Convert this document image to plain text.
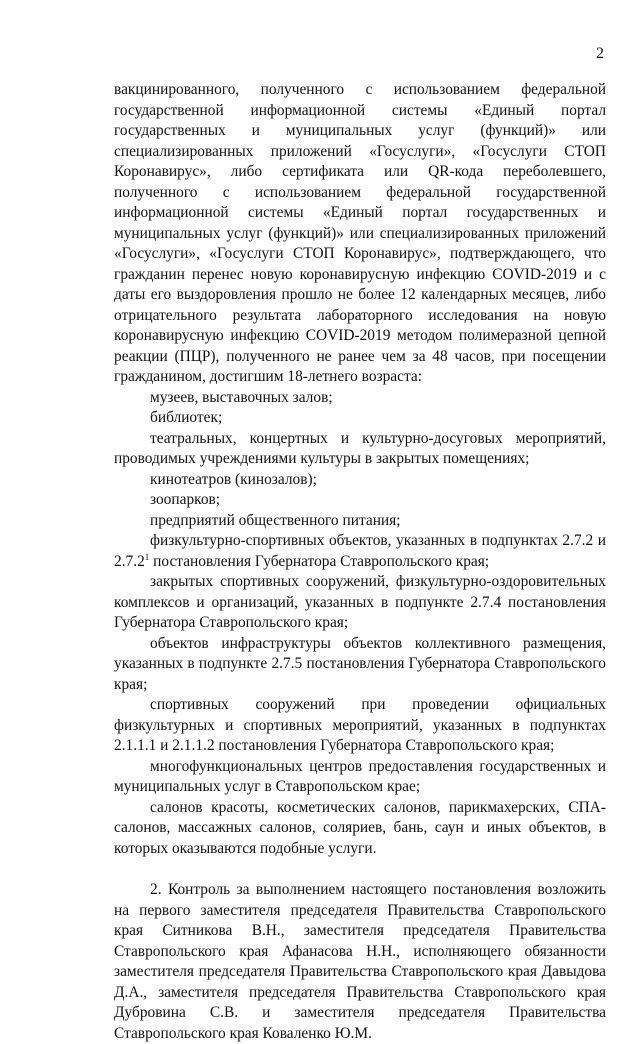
2

вакцинированного, полученного с использованием федеральной государственной информационной системы «Единый портал государственных и муниципальных услуг (функций)» или специализированных приложений «Госуслуги», «Госуслуги СТОП Коронавирус», либо сертификата или QR-кода переболевшего, полученного с использованием федеральной государственной информационной системы «Единый портал государственных и муниципальных услуг (функций)» или специализированных приложений «Госуслуги», «Госуслуги СТОП Коронавирус», подтверждающего, что гражданин перенес новую коронавирусную инфекцию COVID-2019 и с даты его выздоровления прошло не более 12 календарных месяцев, либо отрицательного результата лабораторного исследования на новую коронавирусную инфекцию COVID-2019 методом полимеразной цепной реакции (ПЦР), полученного не ранее чем за 48 часов, при посещении гражданином, достигшим 18-летнего возраста:

музеев, выставочных залов;

библиотек;

театральных, концертных и культурно-досуговых мероприятий, проводимых учреждениями культуры в закрытых помещениях;

кинотеатров (кинозалов);

зоопарков;

предприятий общественного питания;

физкультурно-спортивных объектов, указанных в подпунктах 2.7.2 и 2.7.2$^1$ постановления Губернатора Ставропольского края;

закрытых спортивных сооружений, физкультурно-оздоровительных комплексов и организаций, указанных в подпункте 2.7.4 постановления Губернатора Ставропольского края;

объектов инфраструктуры объектов коллективного размещения, указанных в подпункте 2.7.5 постановления Губернатора Ставропольского края;

спортивных сооружений при проведении официальных физкультурных и спортивных мероприятий, указанных в подпунктах 2.1.1.1 и 2.1.1.2 постановления Губернатора Ставропольского края;

многофункциональных центров предоставления государственных и муниципальных услуг в Ставропольском крае;

салонов красоты, косметических салонов, парикмахерских, СПА-салонов, массажных салонов, соляриев, бань, саун и иных объектов, в которых оказываются подобные услуги.

2. Контроль за выполнением настоящего постановления возложить на первого заместителя председателя Правительства Ставропольского края Ситникова В.Н., заместителя председателя Правительства Ставропольского края Афанасова Н.Н., исполняющего обязанности заместителя председателя Правительства Ставропольского края Давыдова Д.А., заместителя председателя Правительства Ставропольского края Дубровина С.В. и заместителя председателя Правительства Ставропольского края Коваленко Ю.М.
